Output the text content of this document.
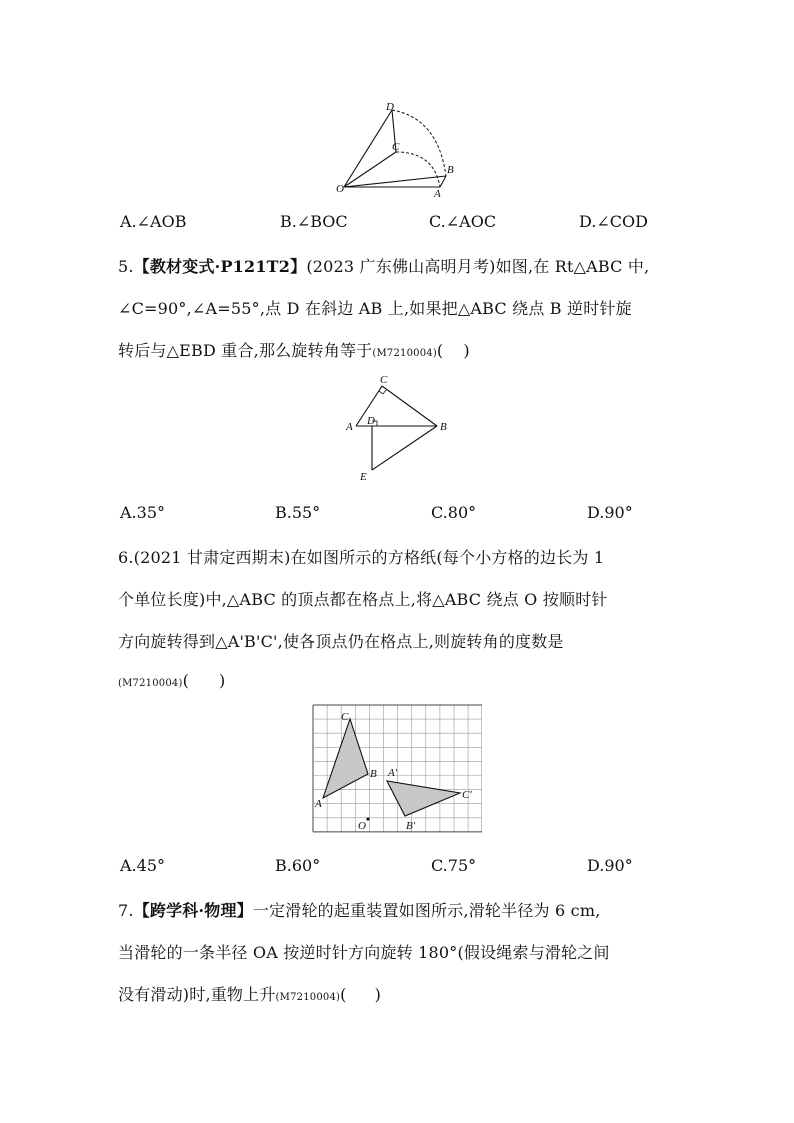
D
C
B
O	A
A.∠AOB	B.∠BOC	C.∠AOC	D.∠COD
5.【教材变式·P121T2】(2023 广东佛山高明月考)如图,在 Rt△ABC 中,
∠C=90°,∠A=55°,点 D 在斜边 AB 上,如果把△ABC 绕点 B 逆时针旋
转后与△EBD 重合,那么旋转角等于(M7210004)( )
C
A D	B
E
A.35°	B.55°	C.80°	D.90°
6.(2021 甘肃定西期末)在如图所示的方格纸(每个小方格的边长为 1
个单位长度)中,△ABC 的顶点都在格点上,将△ABC 绕点 O 按顺时针
方向旋转得到△A'B'C',使各顶点仍在格点上,则旋转角的度数是
(M7210004)( )
C
B
A
O
A′
C′
B′
A.45°	B.60°	C.75°	D.90°
7.【跨学科·物理】一定滑轮的起重装置如图所示,滑轮半径为 6 cm,
当滑轮的一条半径 OA 按逆时针方向旋转 180°(假设绳索与滑轮之间
没有滑动)时,重物上升(M7210004)( )
